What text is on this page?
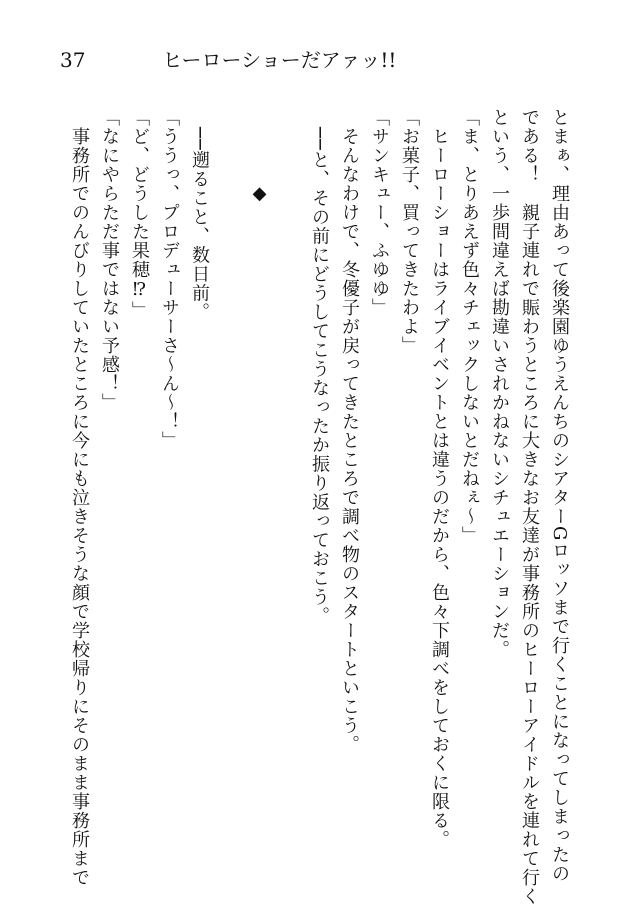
37	ヒーローショーだアァッ!!
とまぁ、理由あって後楽園ゆうえんちのシアターGロッソまで行くことになってしまったの
である！　親子連れで賑わうところに大きなお友達が事務所のヒーローアイドルを連れて行く
という、一歩間違えば勘違いされかねないシチュエーションだ。
「ま、とりあえず色々チェックしないとだねぇ～」
　ヒーローショーはライブイベントとは違うのだから、色々下調べをしておくに限る。
「お菓子、買ってきたわよ」
「サンキュー、ふゆゆ」
　そんなわけで、冬優子が戻ってきたところで調べ物のスタートといこう。
　──と、その前にどうしてこうなったか振り返っておこう。
◆
　──遡ること、数日前。
「ううっ、プロデューサーさ～ん～！」
「ど、どうした果穂⁉」
「なにやらただ事ではない予感！」
　事務所でのんびりしていたところに今にも泣きそうな顔で学校帰りにそのまま事務所まで
